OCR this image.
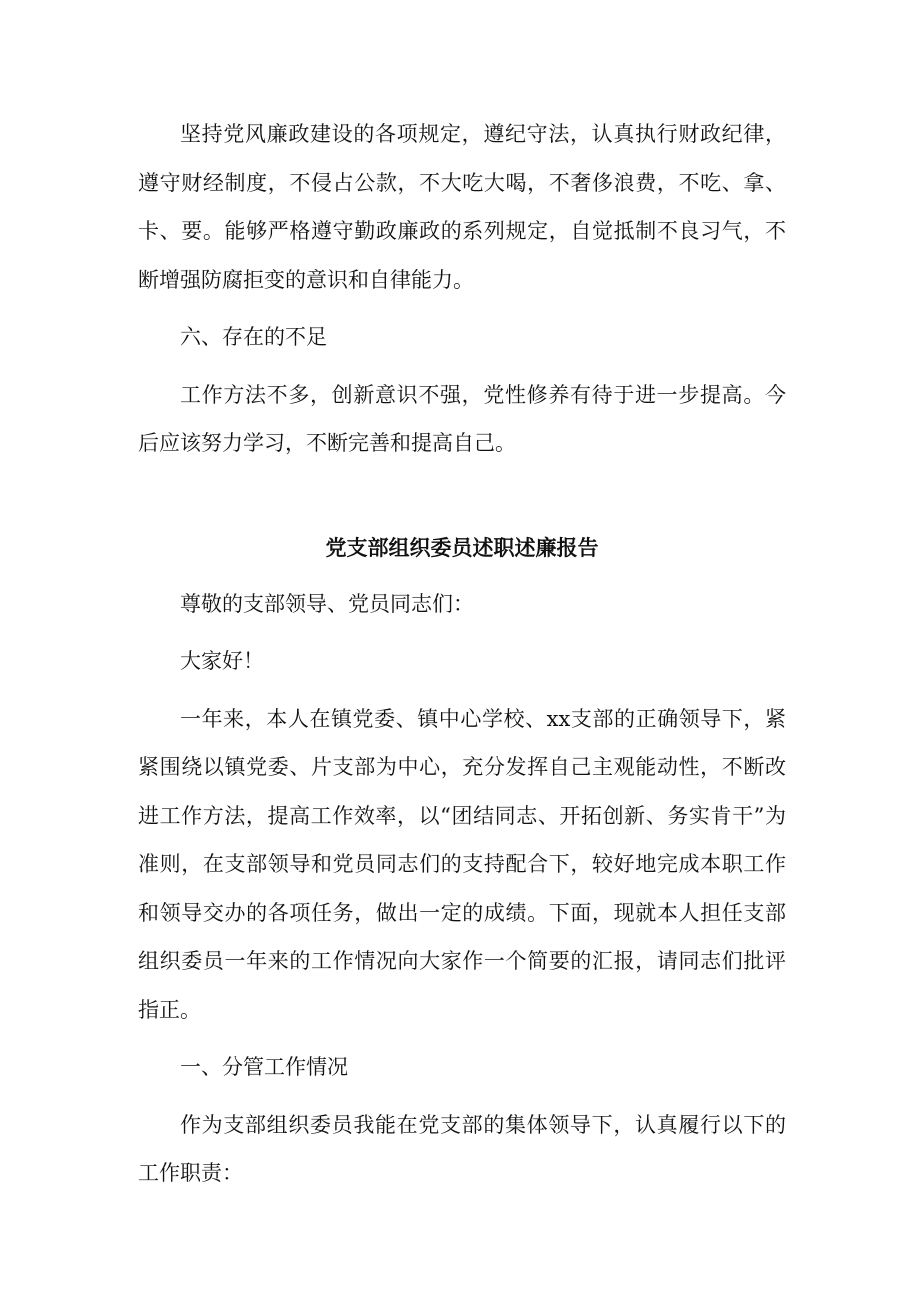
坚持党风廉政建设的各项规定，遵纪守法，认真执行财政纪律，遵守财经制度，不侵占公款，不大吃大喝，不奢侈浪费，不吃、拿、卡、要。能够严格遵守勤政廉政的系列规定，自觉抵制不良习气，不断增强防腐拒变的意识和自律能力。

六、存在的不足

工作方法不多，创新意识不强，党性修养有待于进一步提高。今后应该努力学习，不断完善和提高自己。

党支部组织委员述职述廉报告

尊敬的支部领导、党员同志们：

大家好！

一年来，本人在镇党委、镇中心学校、xx支部的正确领导下，紧紧围绕以镇党委、片支部为中心，充分发挥自己主观能动性，不断改进工作方法，提高工作效率，以“团结同志、开拓创新、务实肯干”为准则，在支部领导和党员同志们的支持配合下，较好地完成本职工作和领导交办的各项任务，做出一定的成绩。下面，现就本人担任支部组织委员一年来的工作情况向大家作一个简要的汇报，请同志们批评指正。

一、分管工作情况

作为支部组织委员我能在党支部的集体领导下，认真履行以下的工作职责：
